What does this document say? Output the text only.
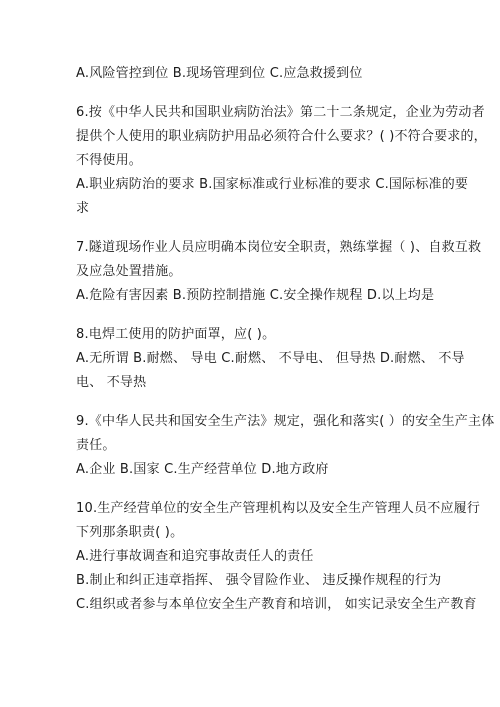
A.风险管控到位 B.现场管理到位 C.应急救援到位
6.按《中华人民共和国职业病防治法》第二十二条规定，企业为劳动者
提供个人使用的职业病防护用品必须符合什么要求？( )不符合要求的，
不得使用。
A.职业病防治的要求 B.国家标准或行业标准的要求 C.国际标准的要
求
7.隧道现场作业人员应明确本岗位安全职责，熟练掌握（ )、自救互救
及应急处置措施。
A.危险有害因素 B.预防控制措施 C.安全操作规程 D.以上均是
8.电焊工使用的防护面罩，应( )。
A.无所谓 B.耐燃、 导电 C.耐燃、 不导电、 但导热 D.耐燃、 不导
电、 不导热
9.《中华人民共和国安全生产法》规定，强化和落实( ）的安全生产主体
责任。
A.企业 B.国家 C.生产经营单位 D.地方政府
10.生产经营单位的安全生产管理机构以及安全生产管理人员不应履行
下列那条职责( )。
A.进行事故调查和追究事故责任人的责任
B.制止和纠正违章指挥、 强令冒险作业、 违反操作规程的行为
C.组织或者参与本单位安全生产教育和培训， 如实记录安全生产教育
